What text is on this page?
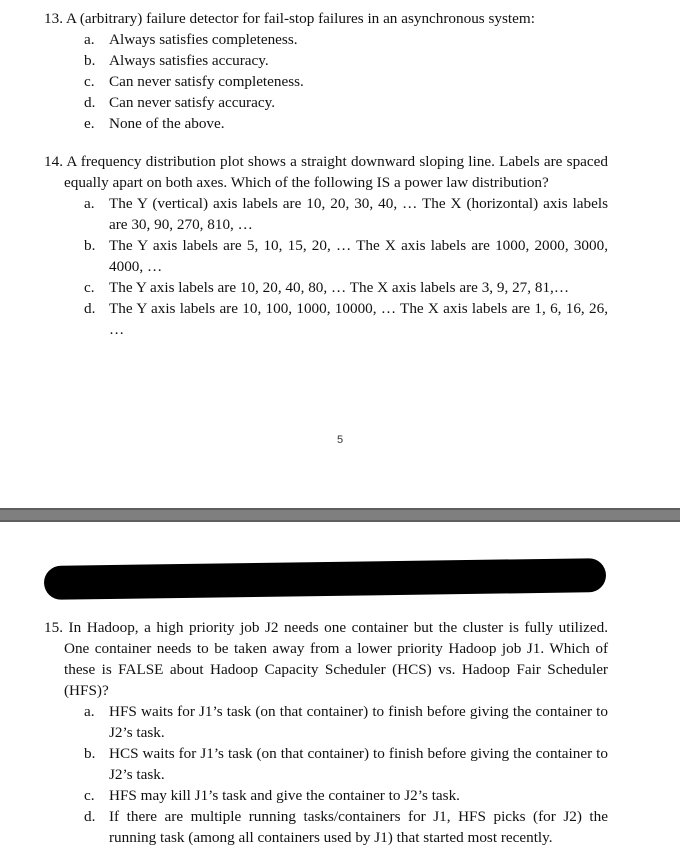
13. A (arbitrary) failure detector for fail-stop failures in an asynchronous system:
a. Always satisfies completeness.
b. Always satisfies accuracy.
c. Can never satisfy completeness.
d. Can never satisfy accuracy.
e. None of the above.
14. A frequency distribution plot shows a straight downward sloping line. Labels are spaced equally apart on both axes. Which of the following IS a power law distribution?
a. The Y (vertical) axis labels are 10, 20, 30, 40, … The X (horizontal) axis labels are 30, 90, 270, 810, …
b. The Y axis labels are 5, 10, 15, 20, … The X axis labels are 1000, 2000, 3000, 4000, …
c. The Y axis labels are 10, 20, 40, 80, … The X axis labels are 3, 9, 27, 81,…
d. The Y axis labels are 10, 100, 1000, 10000, … The X axis labels are 1, 6, 16, 26, …
5
15. In Hadoop, a high priority job J2 needs one container but the cluster is fully utilized. One container needs to be taken away from a lower priority Hadoop job J1. Which of these is FALSE about Hadoop Capacity Scheduler (HCS) vs. Hadoop Fair Scheduler (HFS)?
a. HFS waits for J1’s task (on that container) to finish before giving the container to J2’s task.
b. HCS waits for J1’s task (on that container) to finish before giving the container to J2’s task.
c. HFS may kill J1’s task and give the container to J2’s task.
d. If there are multiple running tasks/containers for J1, HFS picks (for J2) the running task (among all containers used by J1) that started most recently.
